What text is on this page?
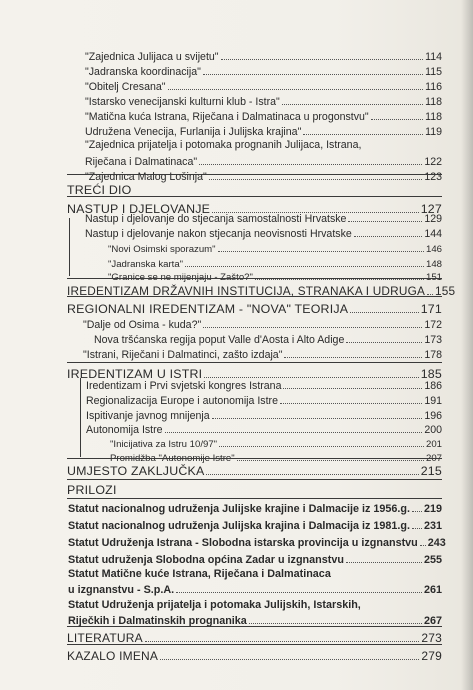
"Zajednica Julijaca u svijetu"	114
"Jadranska koordinacija"	115
"Obitelj Cresana"	116
"Istarsko venecijanski kulturni klub - Istra"	118
"Matična kuća Istrana, Riječana i Dalmatinaca u progonstvu"	118
Udružena Venecija, Furlanija i Julijska krajina"	119
"Zajednica prijatelja i potomaka prognanih Julijaca, Istrana,
Riječana i Dalmatinaca"	122
"Zajednica Malog Lošinja"	123
TREĆI DIO
NASTUP I DJELOVANJE	127
Nastup i djelovanje do stjecanja samostalnosti Hrvatske	129
Nastup i djelovanje nakon stjecanja neovisnosti Hrvatske	144
"Novi Osimski sporazum"	146
"Jadranska karta"	148
"Granice se ne mijenjaju - Zašto?"	151
IREDENTIZAM DRŽAVNIH INSTITUCIJA, STRANAKA I UDRUGA 155
REGIONALNI IREDENTIZAM - "NOVA" TEORIJA	171
"Dalje od Osima - kuda?"	172
Nova tršćanska regija poput Valle d'Aosta i Alto Adige	173
"Istrani, Riječani i Dalmatinci, zašto izdaja"	178
IREDENTIZAM U ISTRI	185
Iredentizam i Prvi svjetski kongres Istrana	186
Regionalizacija Europe i autonomija Istre	191
Ispitivanje javnog mnijenja	196
Autonomija Istre	200
"Inicijativa za Istru 10/97"	201
Promidžba "Autonomije Istre"	207
UMJESTO ZAKLJUČKA	215
PRILOZI
Statut nacionalnog udruženja Julijske krajine i Dalmacije iz 1956.g. 219
Statut nacionalnog udruženja Julijska krajina i Dalmacija iz 1981.g. 231
Statut Udruženja Istrana - Slobodna istarska provincija u izgnanstvu 243
Statut udruženja Slobodna općina Zadar u izgnanstvu	255
Statut Matične kuće Istrana, Riječana i Dalmatinaca
u izgnanstvu - S.p.A.	261
Statut Udruženja prijatelja i potomaka Julijskih, Istarskih,
Riječkih i Dalmatinskih prognanika	267
LITERATURA	273
KAZALO IMENA	279
